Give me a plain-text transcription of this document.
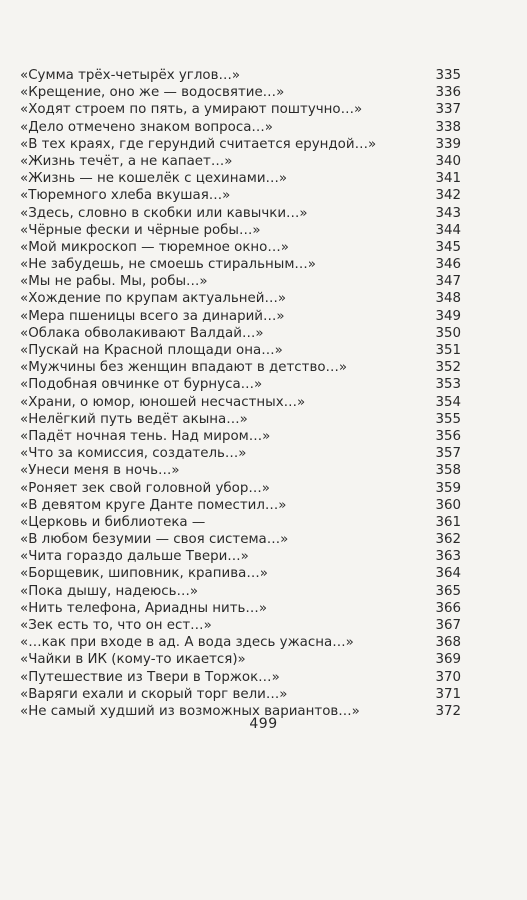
«Сумма трёх-четырёх углов…»	335
«Крещение, оно же — водосвятие…»	336
«Ходят строем по пять, а умирают поштучно…»	337
«Дело отмечено знаком вопроса…»	338
«В тех краях, где герундий считается ерундой…»	339
«Жизнь течёт, а не капает…»	340
«Жизнь — не кошелёк с цехинами…»	341
«Тюремного хлеба вкушая…»	342
«Здесь, словно в скобки или кавычки…»	343
«Чёрные фески и чёрные робы…»	344
«Мой микроскоп — тюремное окно…»	345
«Не забудешь, не смоешь стиральным…»	346
«Мы не рабы. Мы, робы…»	347
«Хождение по крупам актуальней…»	348
«Мера пшеницы всего за динарий…»	349
«Облака обволакивают Валдай…»	350
«Пускай на Красной площади она…»	351
«Мужчины без женщин впадают в детство…»	352
«Подобная овчинке от бурнуса…»	353
«Храни, о юмор, юношей несчастных…»	354
«Нелёгкий путь ведёт акына…»	355
«Падёт ночная тень. Над миром…»	356
«Что за комиссия, создатель…»	357
«Унеси меня в ночь…»	358
«Роняет зек свой головной убор…»	359
«В девятом круге Данте поместил…»	360
«Церковь и библиотека —	361
«В любом безумии — своя система…»	362
«Чита гораздо дальше Твери…»	363
«Борщевик, шиповник, крапива…»	364
«Пока дышу, надеюсь…»	365
«Нить телефона, Ариадны нить…»	366
«Зек есть то, что он ест…»	367
«…как при входе в ад. А вода здесь ужасна…»	368
«Чайки в ИК (кому-то икается)»	369
«Путешествие из Твери в Торжок…»	370
«Варяги ехали и скорый торг вели…»	371
«Не самый худший из возможных вариантов…»	372
499
